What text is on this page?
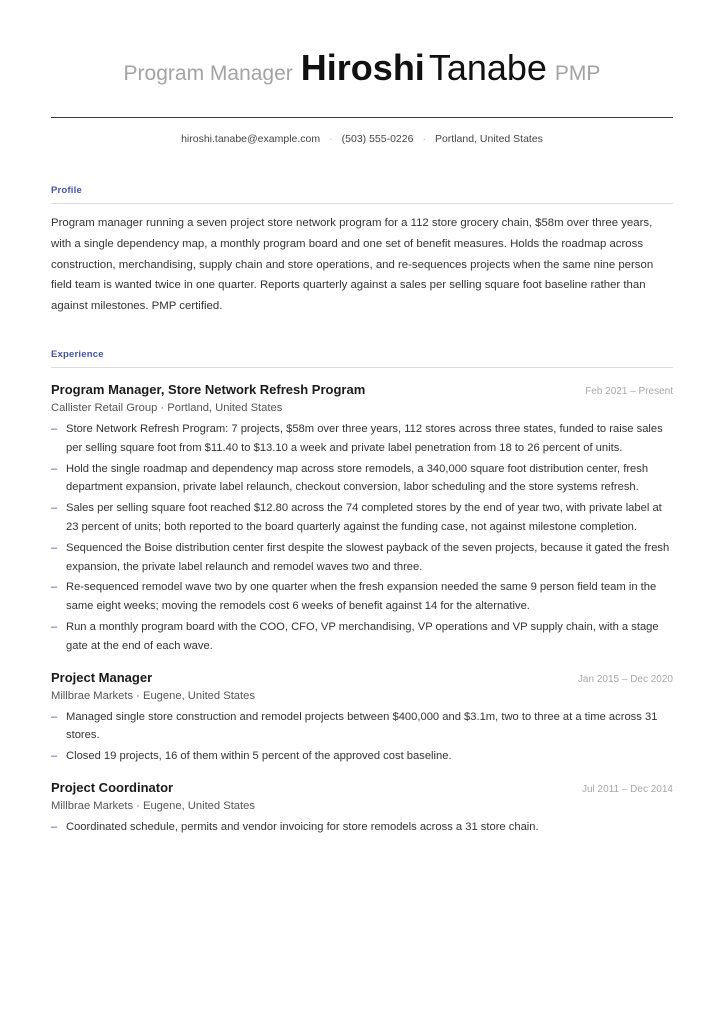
Program Manager Hiroshi Tanabe PMP
hiroshi.tanabe@example.com · (503) 555-0226 · Portland, United States
Profile
Program manager running a seven project store network program for a 112 store grocery chain, $58m over three years, with a single dependency map, a monthly program board and one set of benefit measures. Holds the roadmap across construction, merchandising, supply chain and store operations, and re-sequences projects when the same nine person field team is wanted twice in one quarter. Reports quarterly against a sales per selling square foot baseline rather than against milestones. PMP certified.
Experience
Program Manager, Store Network Refresh Program	Feb 2021 – Present
Callister Retail Group · Portland, United States
– Store Network Refresh Program: 7 projects, $58m over three years, 112 stores across three states, funded to raise sales per selling square foot from $11.40 to $13.10 a week and private label penetration from 18 to 26 percent of units.
– Hold the single roadmap and dependency map across store remodels, a 340,000 square foot distribution center, fresh department expansion, private label relaunch, checkout conversion, labor scheduling and the store systems refresh.
– Sales per selling square foot reached $12.80 across the 74 completed stores by the end of year two, with private label at 23 percent of units; both reported to the board quarterly against the funding case, not against milestone completion.
– Sequenced the Boise distribution center first despite the slowest payback of the seven projects, because it gated the fresh expansion, the private label relaunch and remodel waves two and three.
– Re-sequenced remodel wave two by one quarter when the fresh expansion needed the same 9 person field team in the same eight weeks; moving the remodels cost 6 weeks of benefit against 14 for the alternative.
– Run a monthly program board with the COO, CFO, VP merchandising, VP operations and VP supply chain, with a stage gate at the end of each wave.
Project Manager	Jan 2015 – Dec 2020
Millbrae Markets · Eugene, United States
– Managed single store construction and remodel projects between $400,000 and $3.1m, two to three at a time across 31 stores.
– Closed 19 projects, 16 of them within 5 percent of the approved cost baseline.
Project Coordinator	Jul 2011 – Dec 2014
Millbrae Markets · Eugene, United States
– Coordinated schedule, permits and vendor invoicing for store remodels across a 31 store chain.
